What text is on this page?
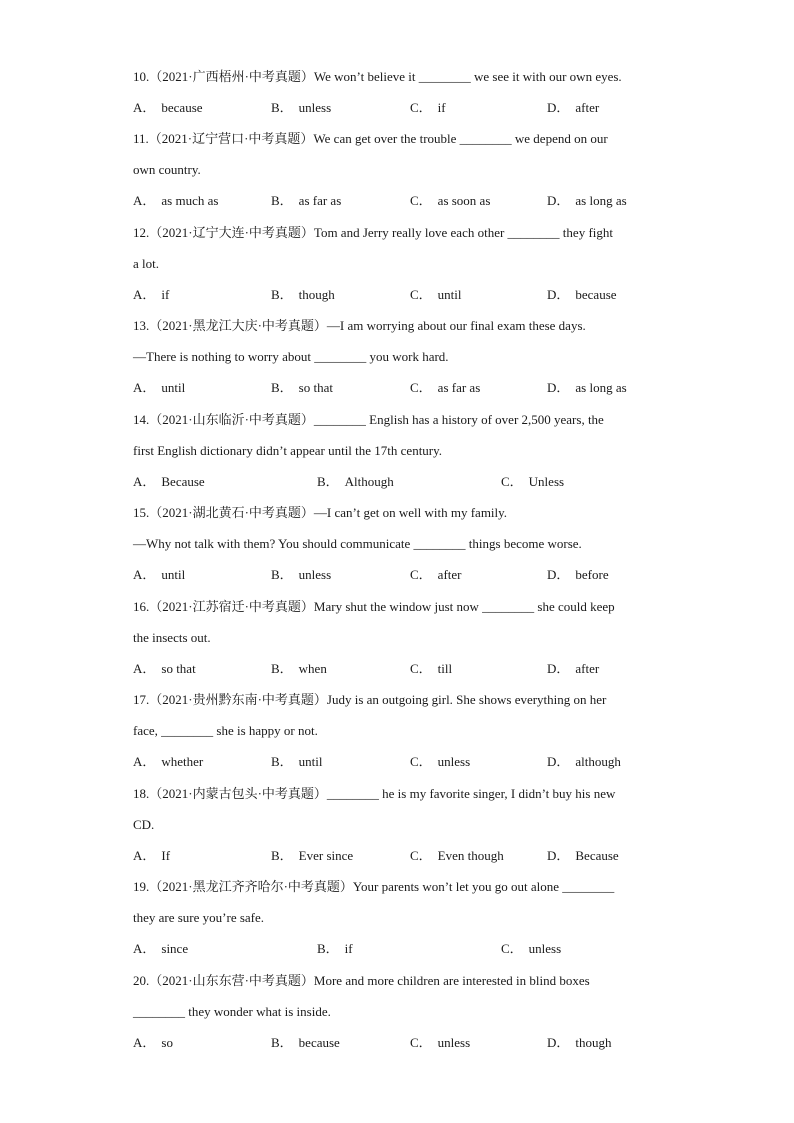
10.（2021·广西梧州·中考真题）We won’t believe it ________ we see it with our own eyes.
A． because	B． unless	C． if	D． after
11.（2021·辽宁营口·中考真题）We can get over the trouble ________ we depend on our
own country.
A． as much as	B． as far as	C． as soon as	D． as long as
12.（2021·辽宁大连·中考真题）Tom and Jerry really love each other ________ they fight
a lot.
A． if	B． though	C． until	D． because
13.（2021·黑龙江大庆·中考真题）—I am worrying about our final exam these days.
—There is nothing to worry about ________ you work hard.
A． until	B． so that	C． as far as	D． as long as
14.（2021·山东临沂·中考真题）________ English has a history of over 2,500 years, the
first English dictionary didn’t appear until the 17th century.
A． Because	B． Although	C． Unless
15.（2021·湖北黄石·中考真题）—I can’t get on well with my family.
—Why not talk with them? You should communicate ________ things become worse.
A． until	B． unless	C． after	D． before
16.（2021·江苏宿迁·中考真题）Mary shut the window just now ________ she could keep
the insects out.
A． so that	B． when	C． till	D． after
17.（2021·贵州黔东南·中考真题）Judy is an outgoing girl. She shows everything on her
face, ________ she is happy or not.
A． whether	B． until	C． unless	D． although
18.（2021·内蒙古包头·中考真题）________ he is my favorite singer, I didn’t buy his new
CD.
A． If	B． Ever since	C． Even though	D． Because
19.（2021·黑龙江齐齐哈尔·中考真题）Your parents won’t let you go out alone ________
they are sure you’re safe.
A． since	B． if	C． unless
20.（2021·山东东营·中考真题）More and more children are interested in blind boxes
________ they wonder what is inside.
A． so	B． because	C． unless	D． though
